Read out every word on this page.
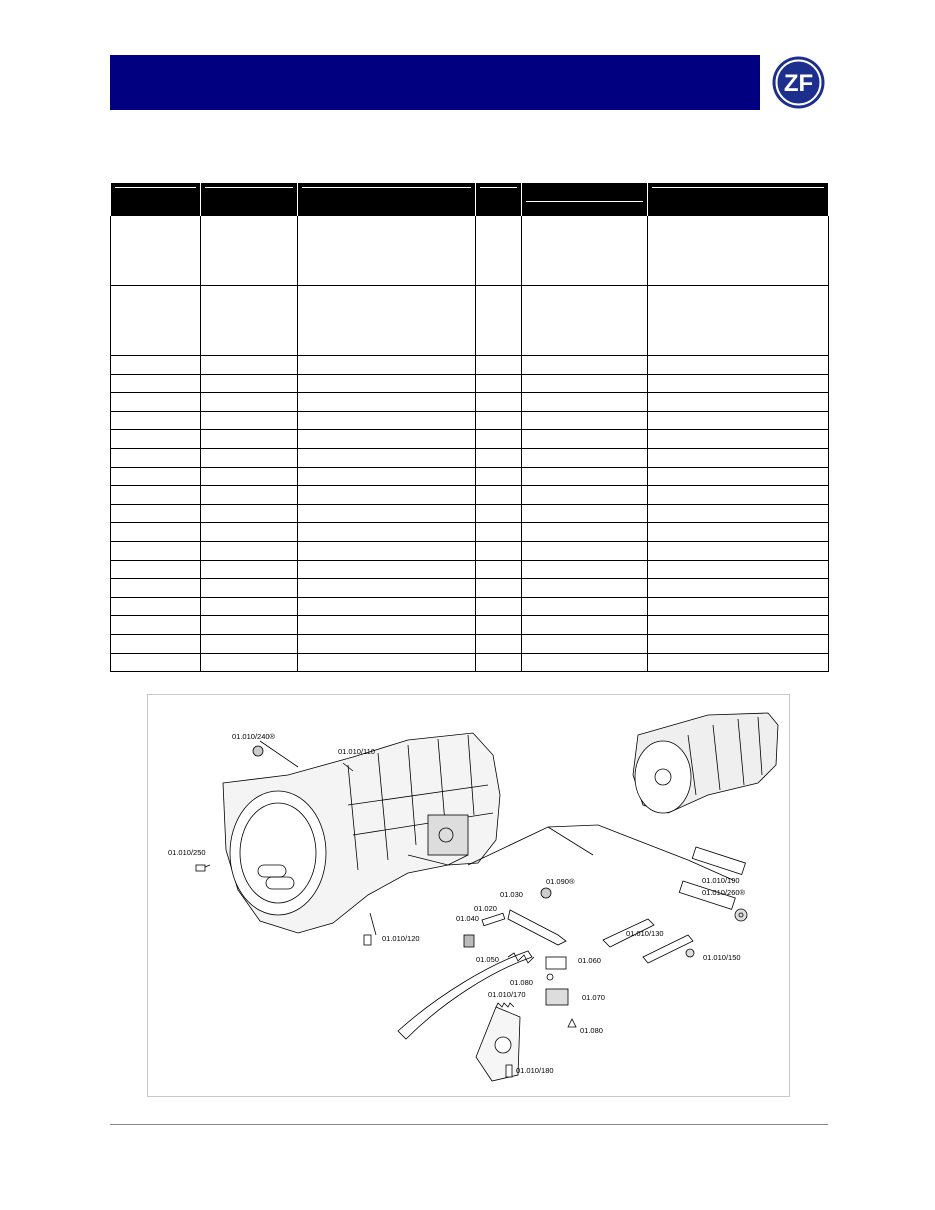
ZF

01.010/240®
01.010/110
01.010/250
01.010/120
01.030
01.090®
01.020
01.040
01.050	01.060
01.080
01.070
01.010/170
01.080
01.010/180
01.010/130
01.010/150
01.010/190
01.010/260®
